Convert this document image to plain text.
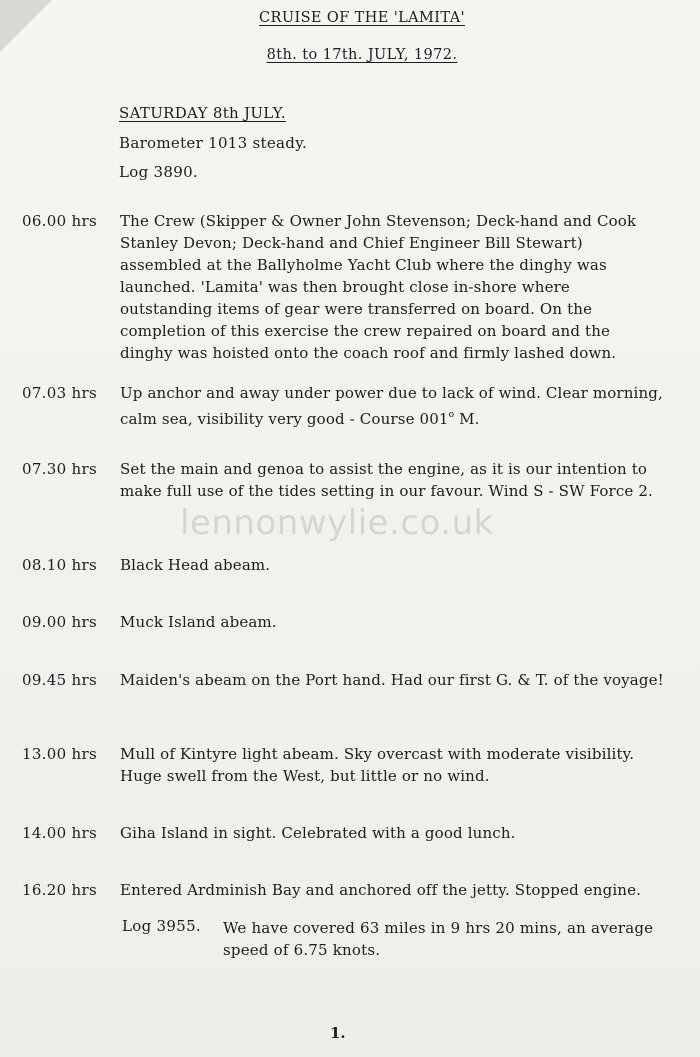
CRUISE OF THE 'LAMITA'
8th. to 17th. JULY, 1972.
SATURDAY 8th JULY.
Barometer 1013 steady.
Log 3890.
06.00 hrs The Crew (Skipper & Owner John Stevenson; Deck-hand and Cook Stanley Devon; Deck-hand and Chief Engineer Bill Stewart) assembled at the Ballyholme Yacht Club where the dinghy was launched. 'Lamita' was then brought close in-shore where outstanding items of gear were transferred on board. On the completion of this exercise the crew repaired on board and the dinghy was hoisted onto the coach roof and firmly lashed down.

07.03 hrs Up anchor and away under power due to lack of wind. Clear morning, calm sea, visibility very good - Course 001$^o$ M.

07.30 hrs Set the main and genoa to assist the engine, as it is our intention to make full use of the tides setting in our favour. Wind S - SW Force 2.

08.10 hrs Black Head abeam.

09.00 hrs Muck Island abeam.

09.45 hrs Maiden's abeam on the Port hand. Had our first G. & T. of the voyage!

13.00 hrs Mull of Kintyre light abeam. Sky overcast with moderate visibility. Huge swell from the West, but little or no wind.

14.00 hrs Giha Island in sight. Celebrated with a good lunch.

16.20 hrs Entered Ardminish Bay and anchored off the jetty. Stopped engine.

Log 3955. We have covered 63 miles in 9 hrs 20 mins, an average speed of 6.75 knots.
lennonwylie.co.uk
1.
